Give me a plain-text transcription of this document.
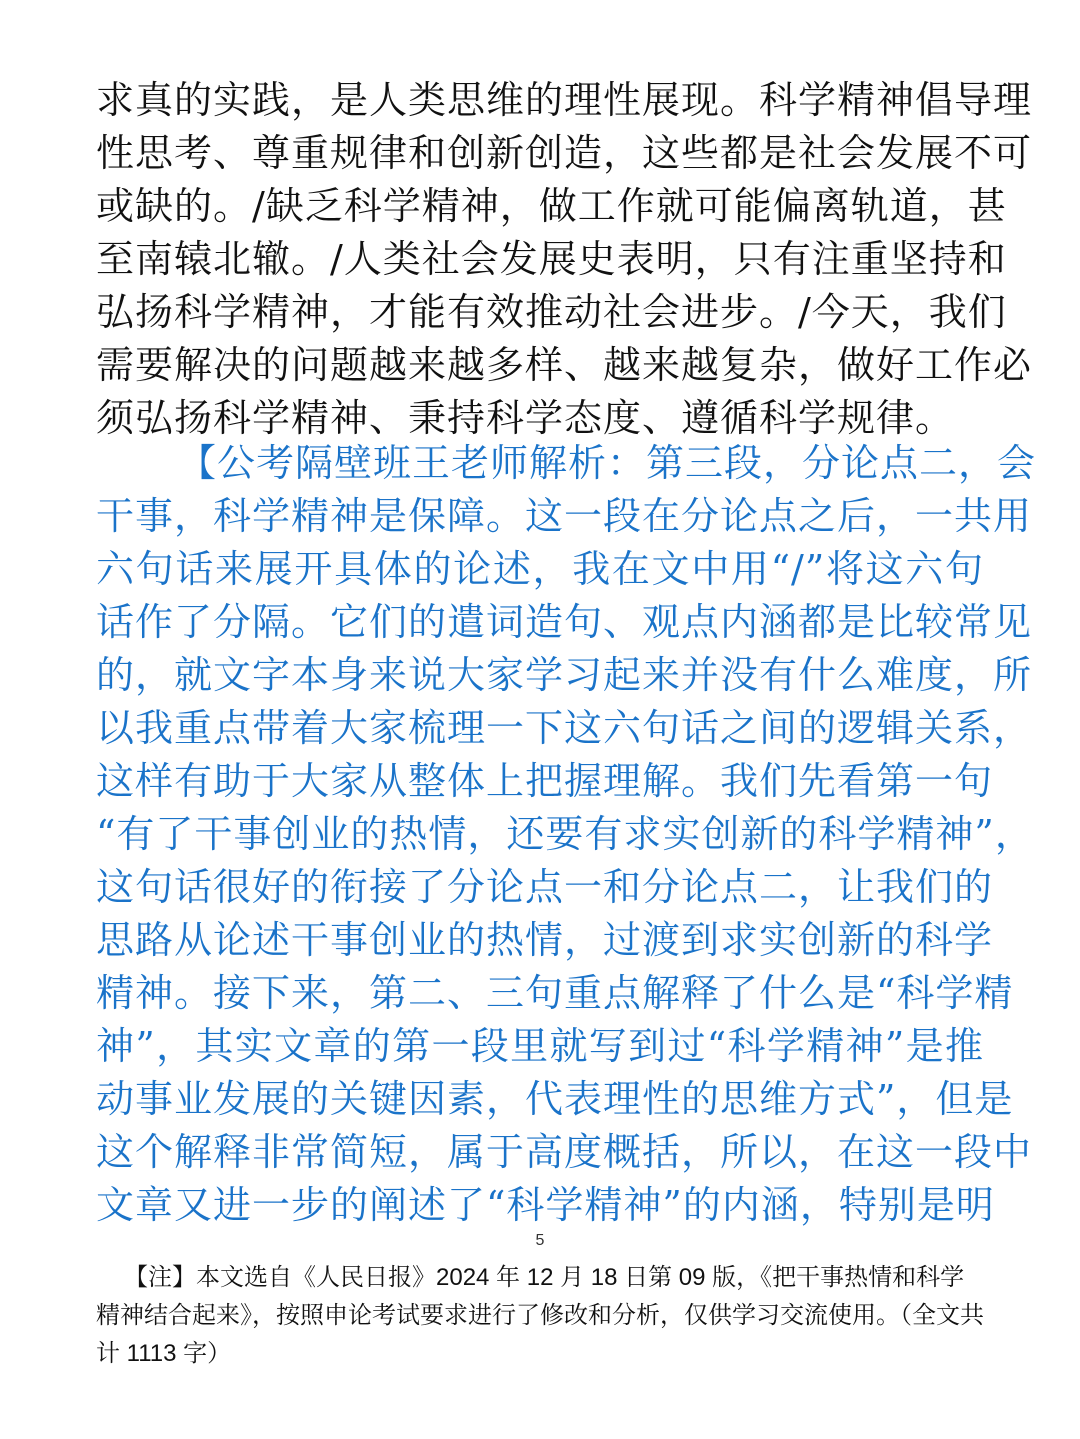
求真的实践，是人类思维的理性展现。科学精神倡导理

性思考、尊重规律和创新创造，这些都是社会发展不可

或缺的。/缺乏科学精神，做工作就可能偏离轨道，甚

至南辕北辙。/人类社会发展史表明，只有注重坚持和

弘扬科学精神，才能有效推动社会进步。/今天，我们

需要解决的问题越来越多样、越来越复杂，做好工作必

须弘扬科学精神、秉持科学态度、遵循科学规律。

【公考隔壁班王老师解析：第三段，分论点二，会

干事，科学精神是保障。这一段在分论点之后，一共用

六句话来展开具体的论述，我在文中用“/”将这六句

话作了分隔。它们的遣词造句、观点内涵都是比较常见

的，就文字本身来说大家学习起来并没有什么难度，所

以我重点带着大家梳理一下这六句话之间的逻辑关系，

这样有助于大家从整体上把握理解。我们先看第一句

“有了干事创业的热情，还要有求实创新的科学精神”，

这句话很好的衔接了分论点一和分论点二，让我们的

思路从论述干事创业的热情，过渡到求实创新的科学

精神。接下来，第二、三句重点解释了什么是“科学精

神”，其实文章的第一段里就写到过“科学精神”是推

动事业发展的关键因素，代表理性的思维方式”，但是

这个解释非常简短，属于高度概括，所以，在这一段中

文章又进一步的阐述了“科学精神”的内涵，特别是明

5
【注】本文选自《人民日报》2024 年 12 月 18 日第 09 版，《把干事热情和科学
精神结合起来》，按照申论考试要求进行了修改和分析，仅供学习交流使用。（全文共
计 1113 字）
